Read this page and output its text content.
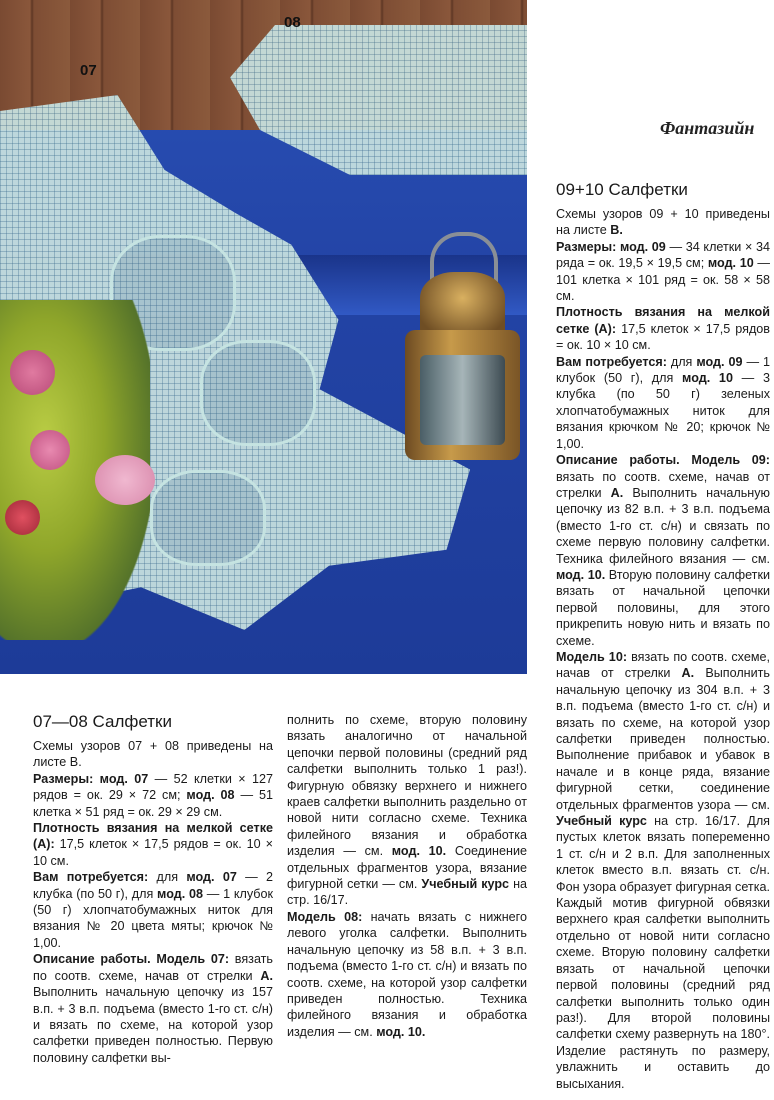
07
08
Фантазийн
09+10 Салфетки

Схемы узоров 09 + 10 приведены на листе В.

Размеры: мод. 09 — 34 клетки × 34 ряда = ок. 19,5 × 19,5 см; мод. 10 — 101 клетка × 101 ряд = ок. 58 × 58 см.

Плотность вязания на мелкой сетке (А): 17,5 клеток × 17,5 рядов = ок. 10 × 10 см.

Вам потребуется: для мод. 09 — 1 клубок (50 г), для мод. 10 — 3 клубка (по 50 г) зеленых хлопчатобумажных ниток для вязания крючком № 20; крючок № 1,00.

Описание работы. Модель 09: вязать по соотв. схеме, начав от стрелки А. Выполнить начальную цепочку из 82 в.п. + 3 в.п. подъема (вместо 1-го ст. с/н) и связать по схеме первую половину салфетки. Техника филейного вязания — см. мод. 10. Вторую половину салфетки вязать от начальной цепочки первой половины, для этого прикрепить новую нить и вязать по схеме.

Модель 10: вязать по соотв. схеме, начав от стрелки А. Выполнить начальную цепочку из 304 в.п. + 3 в.п. подъема (вместо 1-го ст. с/н) и вязать по схеме, на которой узор салфетки приведен полностью. Выполнение прибавок и убавок в начале и в конце ряда, вязание фигурной сетки, соединение отдельных фрагментов узора — см. Учебный курс на стр. 16/17. Для пустых клеток вязать попеременно 1 ст. с/н и 2 в.п. Для заполненных клеток вместо в.п. вязать ст. с/н. Фон узора образует фигурная сетка. Каждый мотив фигурной обвязки верхнего края салфетки выполнить отдельно от новой нити согласно схеме. Вторую половину салфетки вязать от начальной цепочки первой половины (средний ряд салфетки выполнить только один раз!). Для второй половины салфетки схему развернуть на 180°. Изделие растянуть по размеру, увлажнить и оставить до высыхания.

07—08 Салфетки

Схемы узоров 07 + 08 приведены на листе В.

Размеры: мод. 07 — 52 клетки × 127 рядов = ок. 29 × 72 см; мод. 08 — 51 клетка × 51 ряд = ок. 29 × 29 см.

Плотность вязания на мелкой сетке (А): 17,5 клеток × 17,5 рядов = ок. 10 × 10 см.

Вам потребуется: для мод. 07 — 2 клубка (по 50 г), для мод. 08 — 1 клубок (50 г) хлопчатобумажных ниток для вязания № 20 цвета мяты; крючок № 1,00.

Описание работы. Модель 07: вязать по соотв. схеме, начав от стрелки А. Выполнить начальную цепочку из 157 в.п. + 3 в.п. подъема (вместо 1-го ст. с/н) и вязать по схеме, на которой узор салфетки приведен полностью. Первую половину салфетки вы-

полнить по схеме, вторую половину вязать аналогично от начальной цепочки первой половины (средний ряд салфетки выполнить только 1 раз!). Фигурную обвязку верхнего и нижнего краев салфетки выполнить раздельно от новой нити согласно схеме. Техника филейного вязания и обработка изделия — см. мод. 10. Соединение отдельных фрагментов узора, вязание фигурной сетки — см. Учебный курс на стр. 16/17.

Модель 08: начать вязать с нижнего левого уголка салфетки. Выполнить начальную цепочку из 58 в.п. + 3 в.п. подъема (вместо 1-го ст. с/н) и вязать по соотв. схеме, на которой узор салфетки приведен полностью. Техника филейного вязания и обработка изделия — см. мод. 10.
